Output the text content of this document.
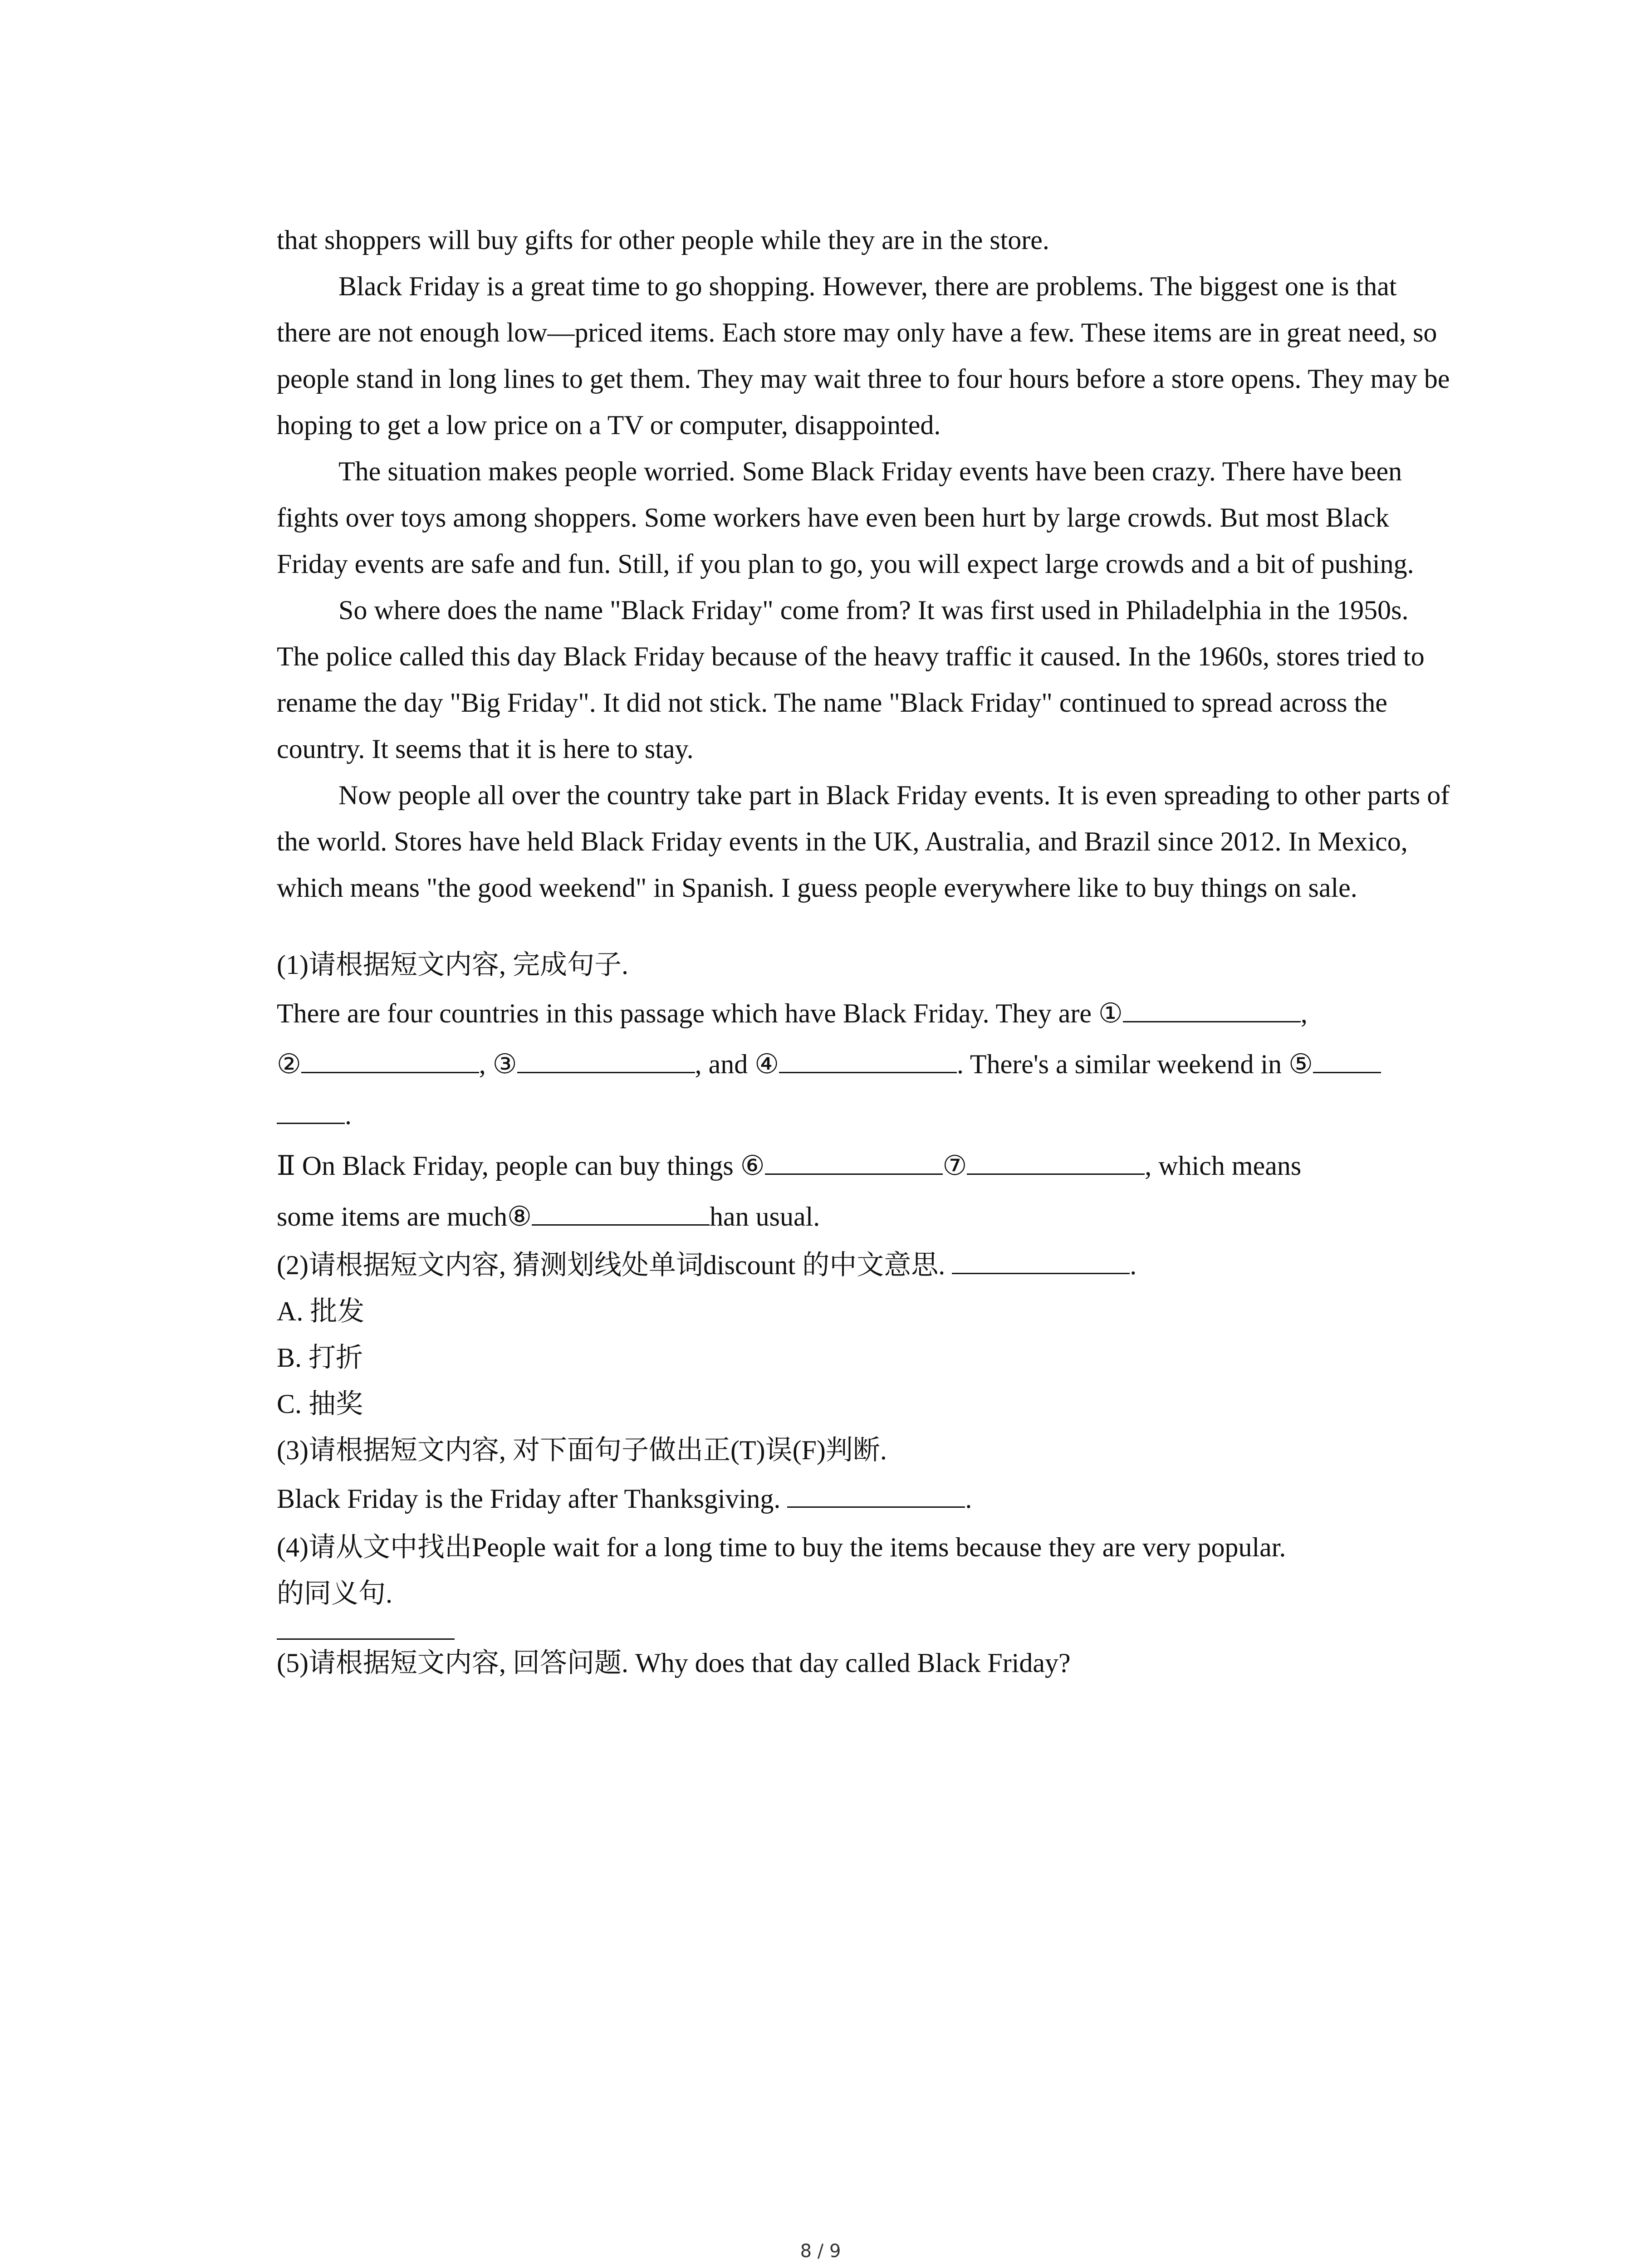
that shoppers will buy gifts for other people while they are in the store.

Black Friday is a great time to go shopping. However, there are problems. The biggest one is that there are not enough low—priced items. Each store may only have a few. These items are in great need, so people stand in long lines to get them. They may wait three to four hours before a store opens. They may be hoping to get a low price on a TV or computer, disappointed.

The situation makes people worried. Some Black Friday events have been crazy. There have been fights over toys among shoppers. Some workers have even been hurt by large crowds. But most Black Friday events are safe and fun. Still, if you plan to go, you will expect large crowds and a bit of pushing.

So where does the name "Black Friday" come from? It was first used in Philadelphia in the 1950s. The police called this day Black Friday because of the heavy traffic it caused. In the 1960s, stores tried to rename the day "Big Friday". It did not stick. The name "Black Friday" continued to spread across the country. It seems that it is here to stay.

Now people all over the country take part in Black Friday events. It is even spreading to other parts of the world. Stores have held Black Friday events in the UK, Australia, and Brazil since 2012. In Mexico, which means "the good weekend" in Spanish. I guess people everywhere like to buy things on sale.

(1)请根据短文内容, 完成句子.

There are four countries in this passage which have Black Friday. They are ①	,

②	, ③	, and ④	. There's a similar weekend in ⑤

.

Ⅱ On Black Friday, people can buy things ⑥	⑦	, which means

some items are much⑧	han usual.

(2)请根据短文内容, 猜测划线处单词discount 的中文意思.	.

A. 批发

B. 打折

C. 抽奖

(3)请根据短文内容, 对下面句子做出正(T)误(F)判断.

Black Friday is the Friday after Thanksgiving.	.

(4)请从文中找出People wait for a long time to buy the items because they are very popular.

的同义句.

(5)请根据短文内容, 回答问题. Why does that day called Black Friday?

8 / 9
